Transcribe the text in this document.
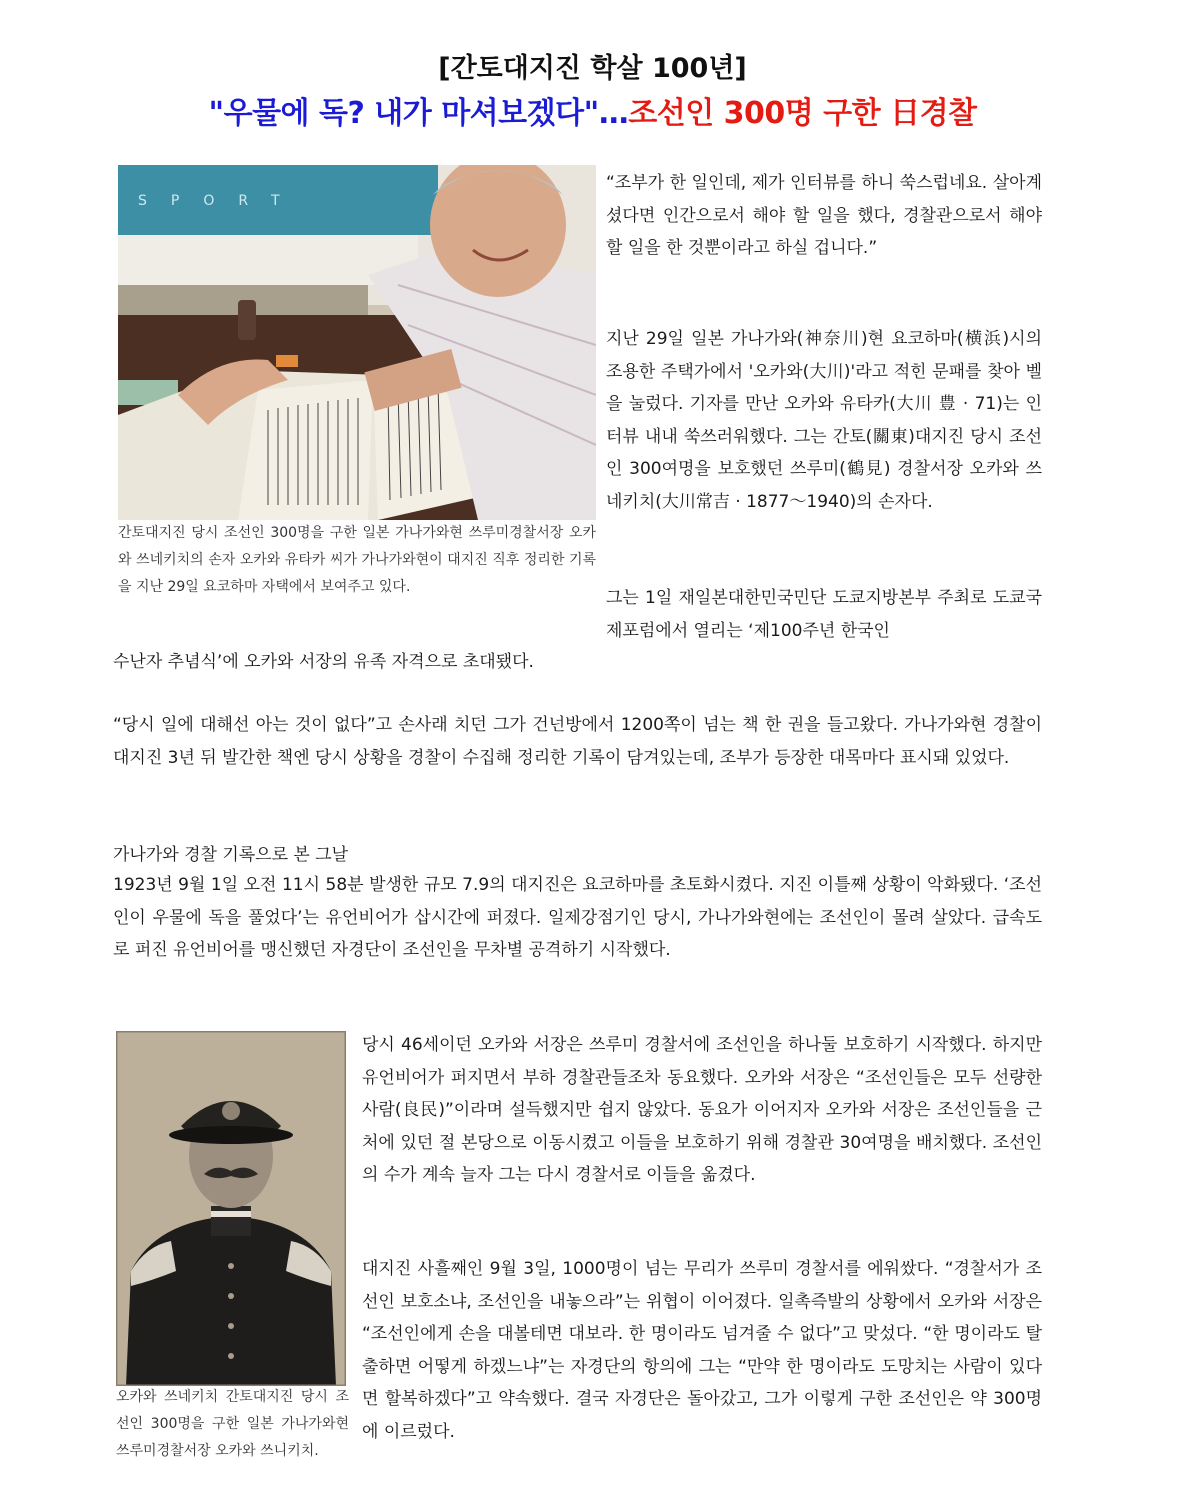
[간토대지진 학살 100년]
"우물에 독? 내가 마셔보겠다"…조선인 300명 구한 日경찰
SPORT
간토대지진 당시 조선인 300명을 구한 일본 가나가와현 쓰루미경찰서장 오카와 쓰네키치의 손자 오카와 유타카 씨가 가나가와현이 대지진 직후 정리한 기록을 지난 29일 요코하마 자택에서 보여주고 있다.

“조부가 한 일인데, 제가 인터뷰를 하니 쑥스럽네요. 살아계셨다면 인간으로서 해야 할 일을 했다, 경찰관으로서 해야 할 일을 한 것뿐이라고 하실 겁니다.”

지난 29일 일본 가나가와(神奈川)현 요코하마(横浜)시의 조용한 주택가에서 '오카와(大川)'라고 적힌 문패를 찾아 벨을 눌렀다. 기자를 만난 오카와 유타카(大川 豊 · 71)는 인터뷰 내내 쑥쓰러워했다. 그는 간토(關東)대지진 당시 조선인 300여명을 보호했던 쓰루미(鶴見) 경찰서장 오카와 쓰네키치(大川常吉 · 1877～1940)의 손자다.

그는 1일 재일본대한민국민단 도쿄지방본부 주최로 도쿄국제포럼에서 열리는 ‘제100주년 한국인

수난자 추념식’에 오카와 서장의 유족 자격으로 초대됐다.

“당시 일에 대해선 아는 것이 없다”고 손사래 치던 그가 건넌방에서 1200쪽이 넘는 책 한 권을 들고왔다. 가나가와현 경찰이 대지진 3년 뒤 발간한 책엔 당시 상황을 경찰이 수집해 정리한 기록이 담겨있는데, 조부가 등장한 대목마다 표시돼 있었다.

가나가와 경찰 기록으로 본 그날

1923년 9월 1일 오전 11시 58분 발생한 규모 7.9의 대지진은 요코하마를 초토화시켰다. 지진 이틀째 상황이 악화됐다. ‘조선인이 우물에 독을 풀었다’는 유언비어가 삽시간에 퍼졌다. 일제강점기인 당시, 가나가와현에는 조선인이 몰려 살았다. 급속도로 퍼진 유언비어를 맹신했던 자경단이 조선인을 무차별 공격하기 시작했다.

오카와 쓰네키치 간토대지진 당시 조선인 300명을 구한 일본 가나가와현 쓰루미경찰서장 오카와 쓰니키치.

당시 46세이던 오카와 서장은 쓰루미 경찰서에 조선인을 하나둘 보호하기 시작했다. 하지만 유언비어가 퍼지면서 부하 경찰관들조차 동요했다. 오카와 서장은 “조선인들은 모두 선량한 사람(良民)”이라며 설득했지만 쉽지 않았다. 동요가 이어지자 오카와 서장은 조선인들을 근처에 있던 절 본당으로 이동시켰고 이들을 보호하기 위해 경찰관 30여명을 배치했다. 조선인의 수가 계속 늘자 그는 다시 경찰서로 이들을 옮겼다.

대지진 사흘째인 9월 3일, 1000명이 넘는 무리가 쓰루미 경찰서를 에워쌌다. “경찰서가 조선인 보호소냐, 조선인을 내놓으라”는 위협이 이어졌다. 일촉즉발의 상황에서 오카와 서장은 “조선인에게 손을 대볼테면 대보라. 한 명이라도 넘겨줄 수 없다”고 맞섰다. “한 명이라도 탈출하면 어떻게 하겠느냐”는 자경단의 항의에 그는 “만약 한 명이라도 도망치는 사람이 있다면 할복하겠다”고 약속했다. 결국 자경단은 돌아갔고, 그가 이렇게 구한 조선인은 약 300명에 이르렀다.
